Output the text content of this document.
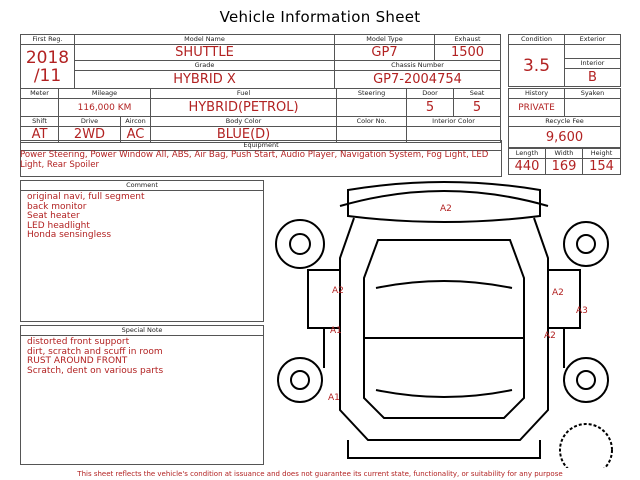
Vehicle Information Sheet
First Reg.	Model Name	Model Type	Exhaust

2018
/11	SHUTTLE	GP7	1500
	Grade	Chassis Number	
	HYBRID X	GP7-2004754	
Condition	Exterior
3.5	
	Interior
	B
Meter	Mileage		Fuel	Steering	Door	Seat
	116,000 KM		HYBRID(PETROL)		5	5
Shift	Drive	Aircon	Body Color	Color No.	Interior Color	
AT	2WD	AC	BLUE(D)			
History	Syaken
PRIVATE	
Recycle Fee	
9,600	
Equipment
Power Steering, Power Window All, ABS, Air Bag, Push Start, Audio Player, Navigation System, Fog Light, LED Light, Rear Spoiler
Length	Width	Height
440	169	154
Comment
original navi, full segment
back monitor
Seat heater
LED headlight
Honda sensingless
Special Note
distorted front support
dirt, scratch and scuff in room
RUST AROUND FRONT
Scratch, dent on various parts
A2
A2
A1
A1
A2
A3
A2
This sheet reflects the vehicle's condition at issuance and does not guarantee its current state, functionality, or suitability for any purpose
